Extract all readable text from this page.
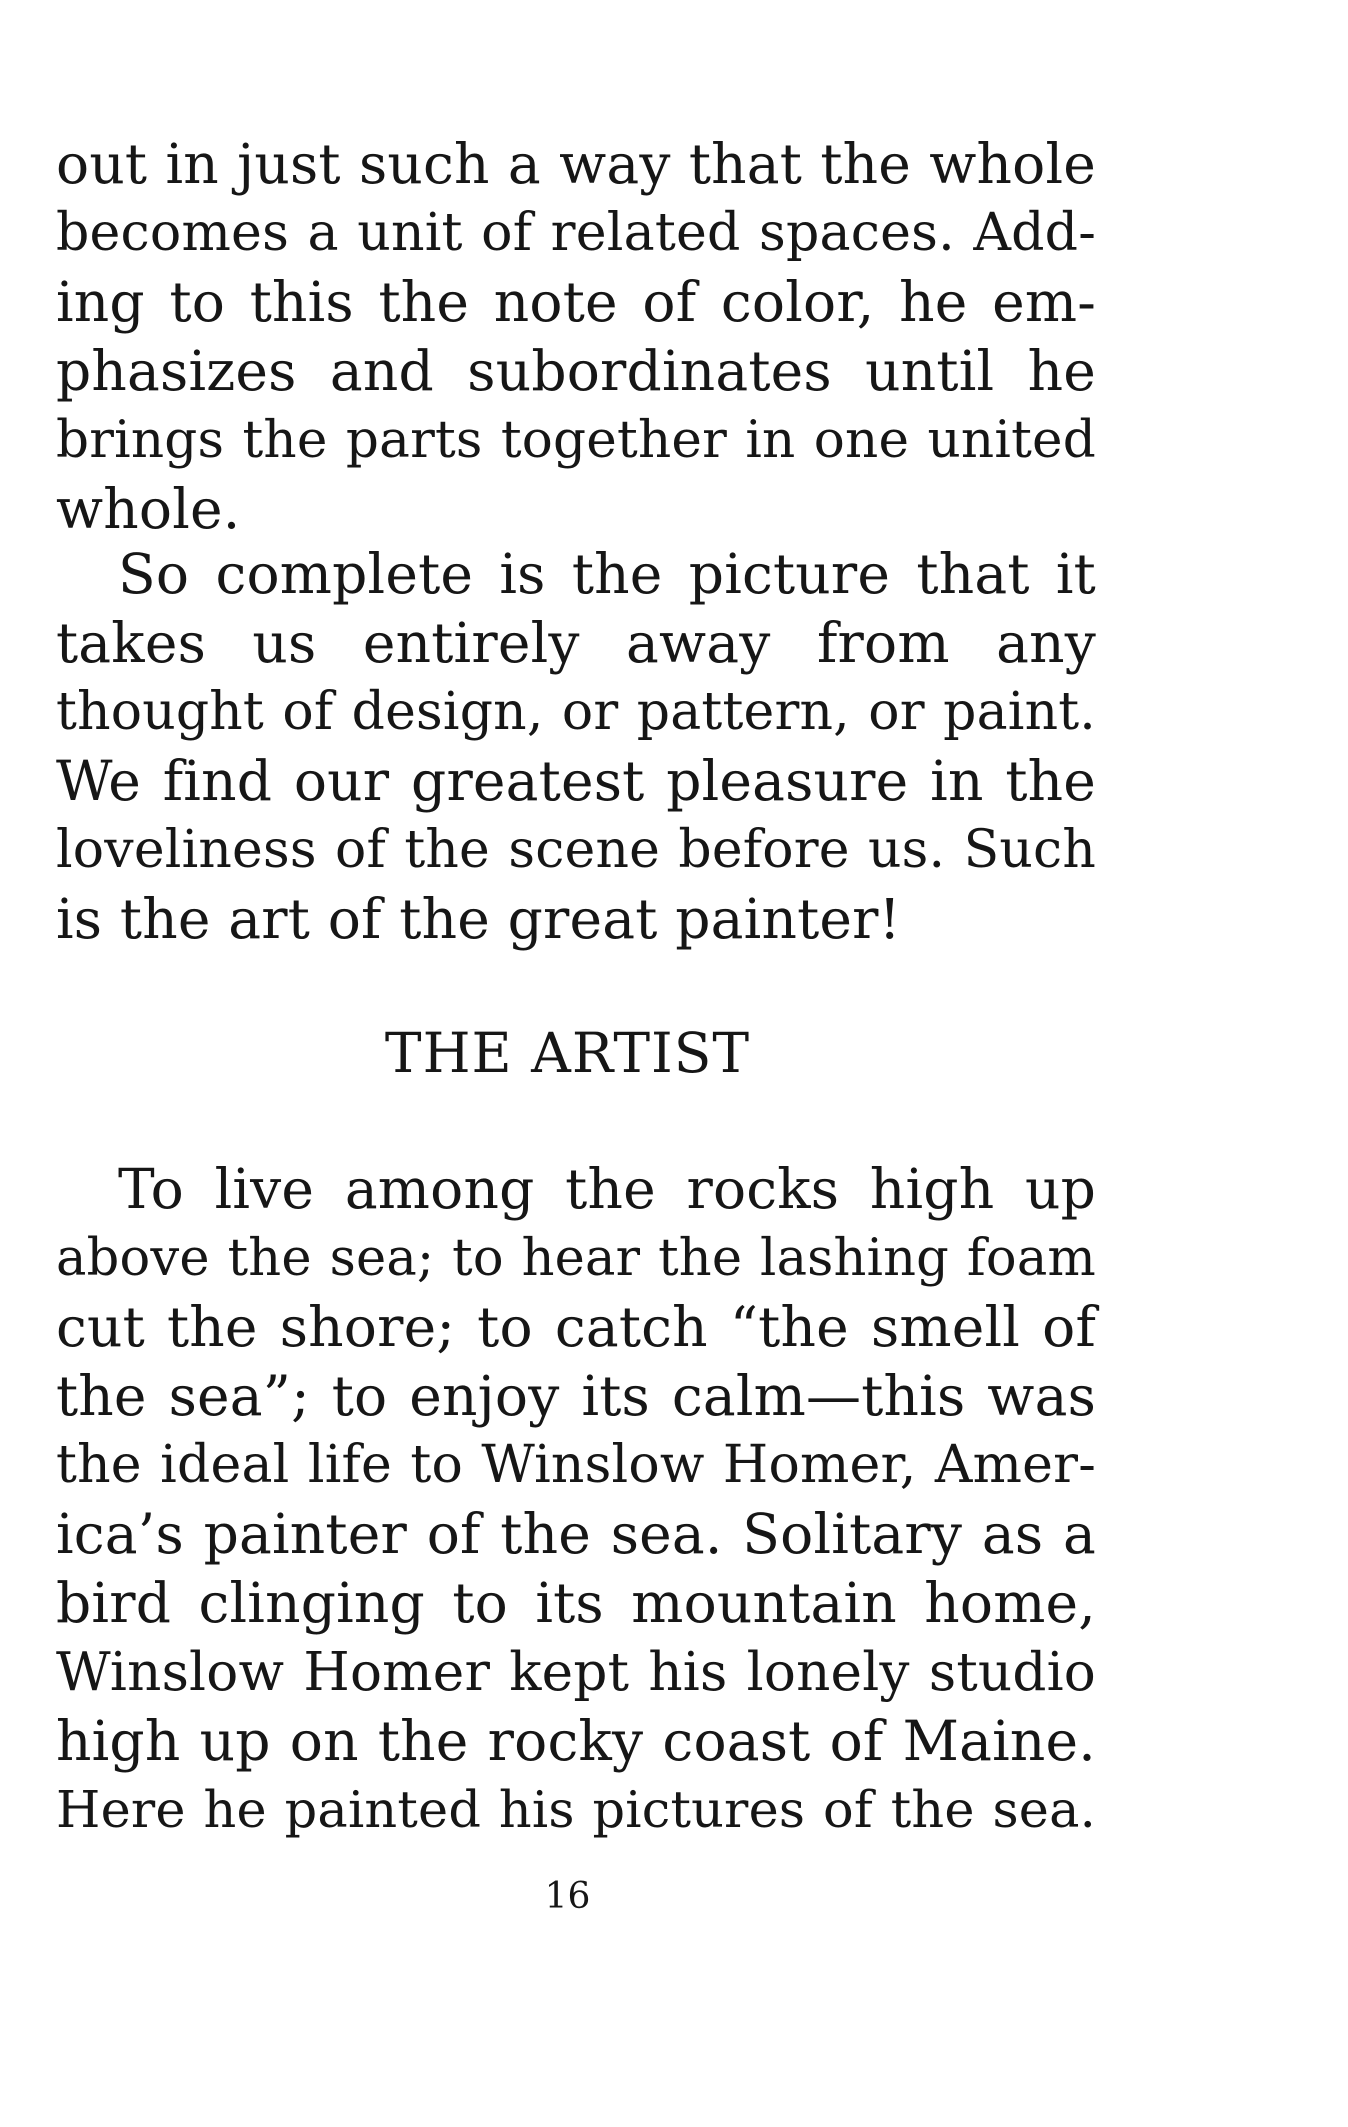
out in just such a way that the whole
becomes a unit of related spaces. Add-
ing to this the note of color, he em-
phasizes and subordinates until he
brings the parts together in one united
whole.
So complete is the picture that it
takes us entirely away from any
thought of design, or pattern, or paint.
We find our greatest pleasure in the
loveliness of the scene before us. Such
is the art of the great painter!
THE ARTIST
To live among the rocks high up
above the sea; to hear the lashing foam
cut the shore; to catch “the smell of
the sea”; to enjoy its calm—this was
the ideal life to Winslow Homer, Amer-
ica’s painter of the sea. Solitary as a
bird clinging to its mountain home,
Winslow Homer kept his lonely studio
high up on the rocky coast of Maine.
Here he painted his pictures of the sea.
16
